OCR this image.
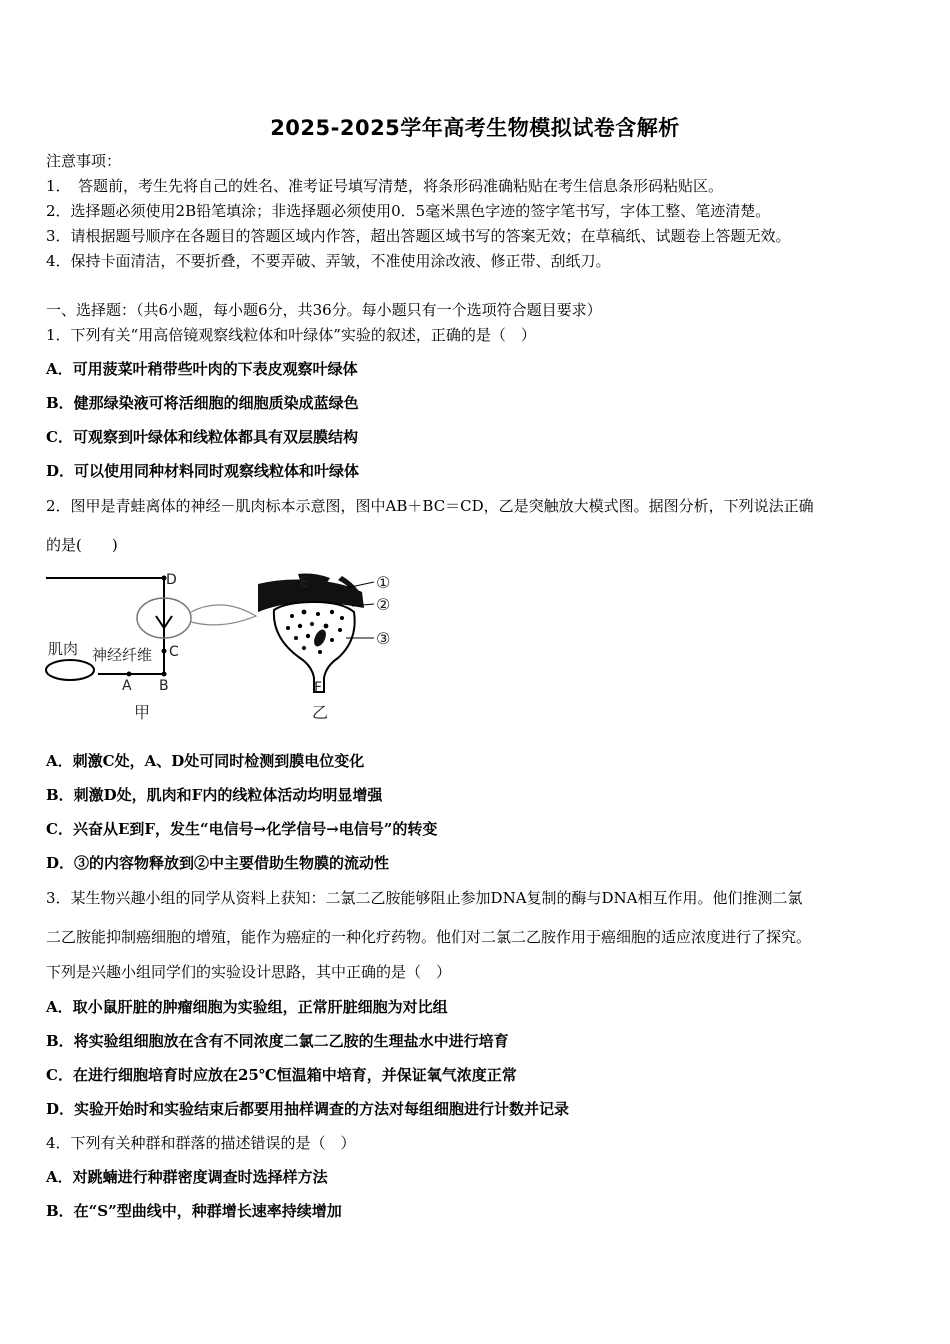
2025-2025学年高考生物模拟试卷含解析
注意事项：
1．　答题前，考生先将自己的姓名、准考证号填写清楚，将条形码准确粘贴在考生信息条形码粘贴区。
2．选择题必须使用2B铅笔填涂；非选择题必须使用0．5毫米黑色字迹的签字笔书写，字体工整、笔迹清楚。
3．请根据题号顺序在各题目的答题区域内作答，超出答题区域书写的答案无效；在草稿纸、试题卷上答题无效。
4．保持卡面清洁，不要折叠，不要弄破、弄皱，不准使用涂改液、修正带、刮纸刀。
一、选择题：（共6小题，每小题6分，共36分。每小题只有一个选项符合题目要求）
1．下列有关“用高倍镜观察线粒体和叶绿体”实验的叙述，正确的是（　）
A．可用菠菜叶稍带些叶肉的下表皮观察叶绿体
B．健那绿染液可将活细胞的细胞质染成蓝绿色
C．可观察到叶绿体和线粒体都具有双层膜结构
D．可以使用同种材料同时观察线粒体和叶绿体
2．图甲是青蛙离体的神经－肌肉标本示意图，图中AB＋BC＝CD，乙是突触放大模式图。据图分析，下列说法正确
的是(　　)
D
C
A B
肌肉 神经纤维
甲
E
F
①
②
③
乙
A．刺激C处，A、D处可同时检测到膜电位变化
B．刺激D处，肌肉和F内的线粒体活动均明显增强
C．兴奋从E到F，发生“电信号→化学信号→电信号”的转变
D．③的内容物释放到②中主要借助生物膜的流动性
3．某生物兴趣小组的同学从资料上获知：二氯二乙胺能够阻止参加DNA复制的酶与DNA相互作用。他们推测二氯
二乙胺能抑制癌细胞的增殖，能作为癌症的一种化疗药物。他们对二氯二乙胺作用于癌细胞的适应浓度进行了探究。
下列是兴趣小组同学们的实验设计思路，其中正确的是（　）
A．取小鼠肝脏的肿瘤细胞为实验组，正常肝脏细胞为对比组
B．将实验组细胞放在含有不同浓度二氯二乙胺的生理盐水中进行培育
C．在进行细胞培育时应放在25℃恒温箱中培育，并保证氧气浓度正常
D．实验开始时和实验结束后都要用抽样调查的方法对每组细胞进行计数并记录
4．下列有关种群和群落的描述错误的是（　）
A．对跳蝻进行种群密度调查时选择样方法
B．在“S”型曲线中，种群增长速率持续增加
